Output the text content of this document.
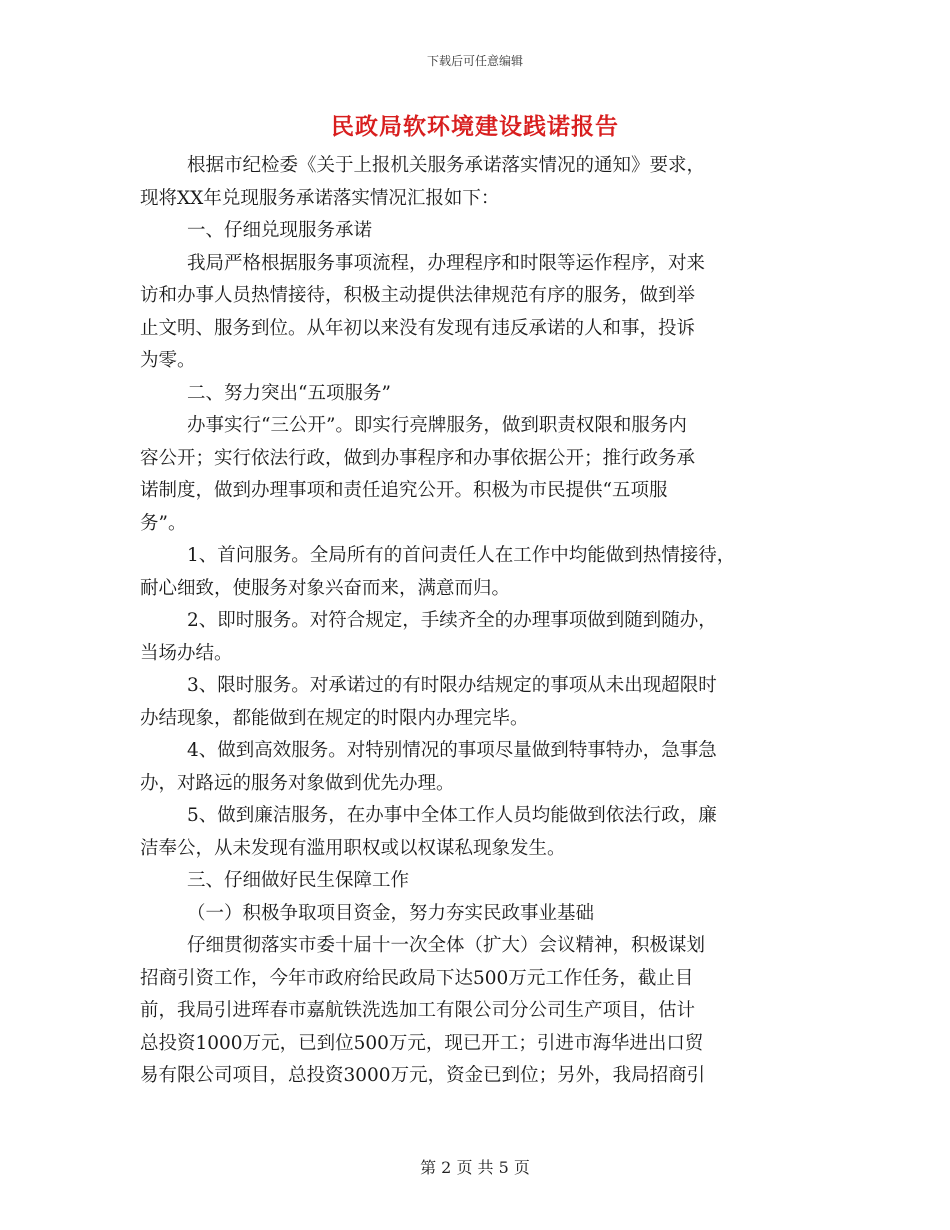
下载后可任意编辑
民政局软环境建设践诺报告
根据市纪检委《关于上报机关服务承诺落实情况的通知》要求，
现将XX年兑现服务承诺落实情况汇报如下：
一、仔细兑现服务承诺
我局严格根据服务事项流程，办理程序和时限等运作程序，对来
访和办事人员热情接待，积极主动提供法律规范有序的服务，做到举
止文明、服务到位。从年初以来没有发现有违反承诺的人和事，投诉
为零。
二、努力突出“五项服务”
办事实行“三公开”。即实行亮牌服务，做到职责权限和服务内
容公开；实行依法行政，做到办事程序和办事依据公开；推行政务承
诺制度，做到办理事项和责任追究公开。积极为市民提供“五项服
务”。
1、首问服务。全局所有的首问责任人在工作中均能做到热情接待，
耐心细致，使服务对象兴奋而来，满意而归。
2、即时服务。对符合规定，手续齐全的办理事项做到随到随办，
当场办结。
3、限时服务。对承诺过的有时限办结规定的事项从未出现超限时
办结现象，都能做到在规定的时限内办理完毕。
4、做到高效服务。对特别情况的事项尽量做到特事特办，急事急
办，对路远的服务对象做到优先办理。
5、做到廉洁服务，在办事中全体工作人员均能做到依法行政，廉
洁奉公，从未发现有滥用职权或以权谋私现象发生。
三、仔细做好民生保障工作
（一）积极争取项目资金，努力夯实民政事业基础
仔细贯彻落实市委十届十一次全体（扩大）会议精神，积极谋划
招商引资工作，今年市政府给民政局下达500万元工作任务，截止目
前，我局引进珲春市嘉航铁洗选加工有限公司分公司生产项目，估计
总投资1000万元，已到位500万元，现已开工；引进市海华进出口贸
易有限公司项目，总投资3000万元，资金已到位；另外，我局招商引
第 2 页 共 5 页
